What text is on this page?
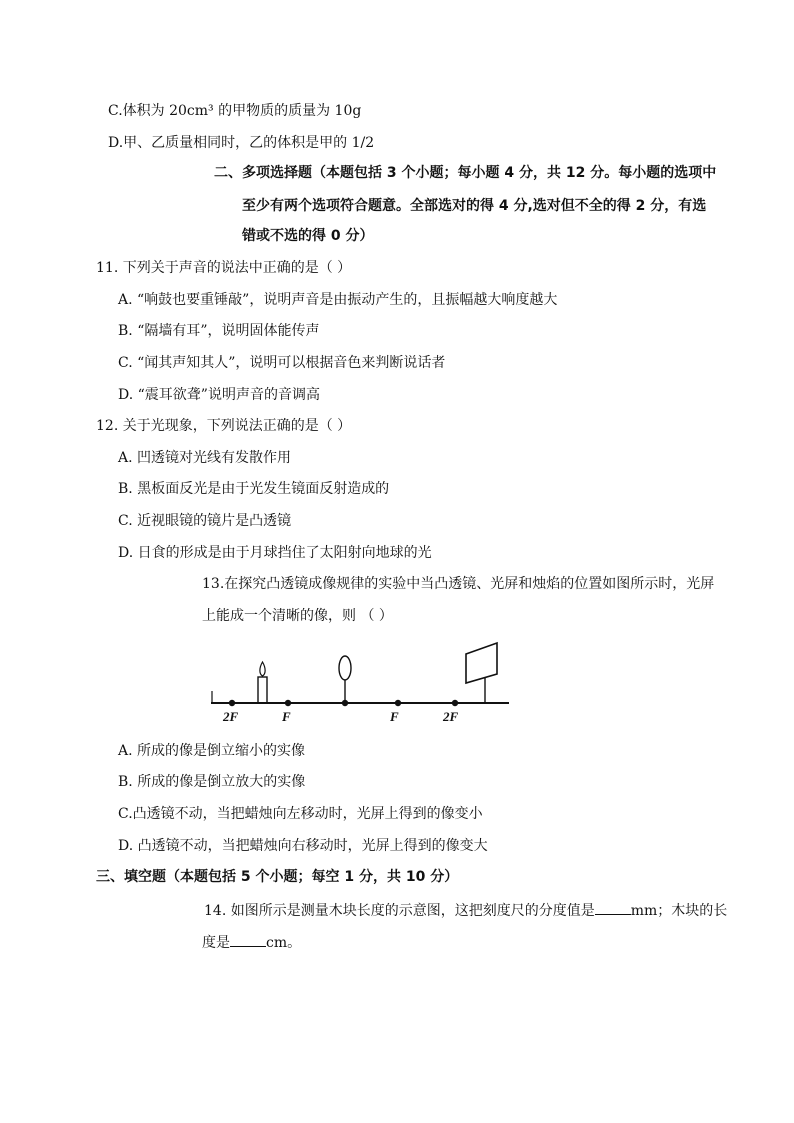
C.体积为 20cm³ 的甲物质的质量为 10g
D.甲、乙质量相同时，乙的体积是甲的 1/2
二、多项选择题（本题包括 3 个小题；每小题 4 分，共 12 分。每小题的选项中
至少有两个选项符合题意。全部选对的得 4 分,选对但不全的得 2 分，有选
错或不选的得 0 分）
11. 下列关于声音的说法中正确的是（ ）
A. “响鼓也要重锤敲”，说明声音是由振动产生的，且振幅越大响度越大
B. “隔墙有耳”，说明固体能传声
C. “闻其声知其人”，说明可以根据音色来判断说话者
D. “震耳欲聋”说明声音的音调高
12. 关于光现象，下列说法正确的是（ ）
A. 凹透镜对光线有发散作用
B. 黑板面反光是由于光发生镜面反射造成的
C. 近视眼镜的镜片是凸透镜
D. 日食的形成是由于月球挡住了太阳射向地球的光
13.在探究凸透镜成像规律的实验中当凸透镜、光屏和烛焰的位置如图所示时，光屏
上能成一个清晰的像，则 （ ）
2F	F	F	2F
A. 所成的像是倒立缩小的实像
B. 所成的像是倒立放大的实像
C.凸透镜不动，当把蜡烛向左移动时，光屏上得到的像变小
D. 凸透镜不动，当把蜡烛向右移动时，光屏上得到的像变大
三、填空题（本题包括 5 个小题；每空 1 分，共 10 分）
14. 如图所示是测量木块长度的示意图，这把刻度尺的分度值是	mm；木块的长
度是	cm。
